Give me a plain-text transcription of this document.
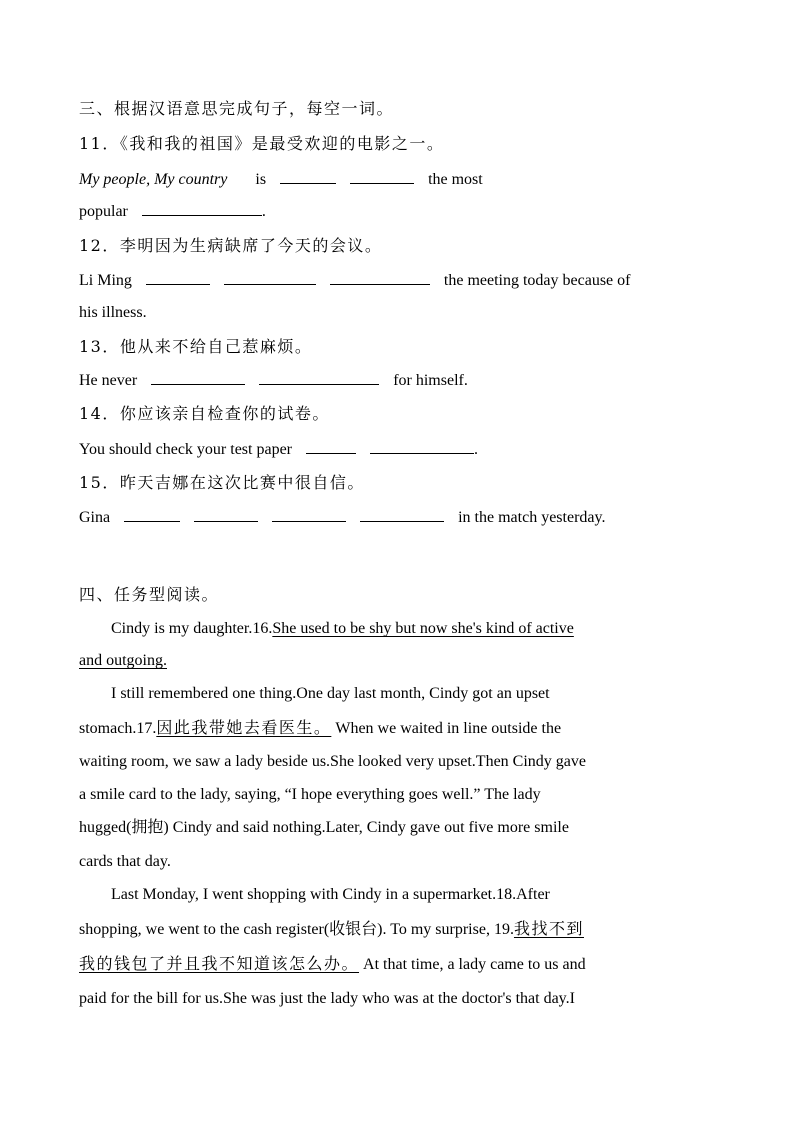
三、根据汉语意思完成句子，每空一词。
11．《我和我的祖国》是最受欢迎的电影之一。
My people, My country is	the most
popular	.
12．李明因为生病缺席了今天的会议。
Li Ming	the meeting today because of
his illness.
13．他从来不给自己惹麻烦。
He never	for himself.
14．你应该亲自检查你的试卷。
You should check your test paper	.
15．昨天吉娜在这次比赛中很自信。
Gina	in the match yesterday.
四、任务型阅读。
Cindy is my daughter.16.She used to be shy but now she's kind of active
and outgoing.
I still remembered one thing.One day last month, Cindy got an upset
stomach.17.因此我带她去看医生。 When we waited in line outside the
waiting room, we saw a lady beside us.She looked very upset.Then Cindy gave
a smile card to the lady, saying, “I hope everything goes well.” The lady
hugged(拥抱) Cindy and said nothing.Later, Cindy gave out five more smile
cards that day.
Last Monday, I went shopping with Cindy in a supermarket.18.After
shopping, we went to the cash register(收银台). To my surprise, 19.我找不到
我的钱包了并且我不知道该怎么办。 At that time, a lady came to us and
paid for the bill for us.She was just the lady who was at the doctor's that day.I
